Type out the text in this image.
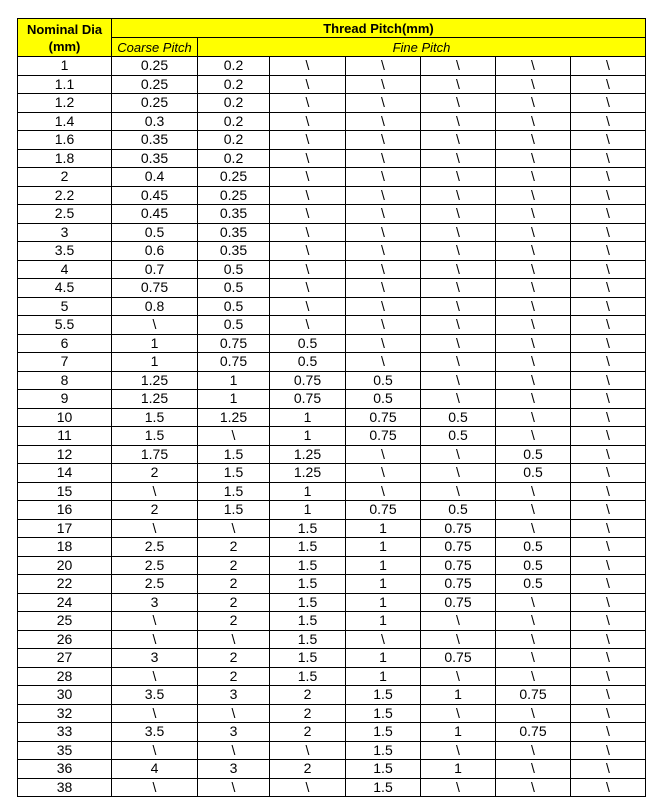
Nominal Dia
(mm)	Thread Pitch(mm)						
	Coarse Pitch	Fine Pitch					
1	0.25	0.2	\	\	\	\	\
1.1	0.25	0.2	\	\	\	\	\
1.2	0.25	0.2	\	\	\	\	\
1.4	0.3	0.2	\	\	\	\	\
1.6	0.35	0.2	\	\	\	\	\
1.8	0.35	0.2	\	\	\	\	\
2	0.4	0.25	\	\	\	\	\
2.2	0.45	0.25	\	\	\	\	\
2.5	0.45	0.35	\	\	\	\	\
3	0.5	0.35	\	\	\	\	\
3.5	0.6	0.35	\	\	\	\	\
4	0.7	0.5	\	\	\	\	\
4.5	0.75	0.5	\	\	\	\	\
5	0.8	0.5	\	\	\	\	\
5.5	\	0.5	\	\	\	\	\
6	1	0.75	0.5	\	\	\	\
7	1	0.75	0.5	\	\	\	\
8	1.25	1	0.75	0.5	\	\	\
9	1.25	1	0.75	0.5	\	\	\
10	1.5	1.25	1	0.75	0.5	\	\
11	1.5	\	1	0.75	0.5	\	\
12	1.75	1.5	1.25	\	\	0.5	\
14	2	1.5	1.25	\	\	0.5	\
15	\	1.5	1	\	\	\	\
16	2	1.5	1	0.75	0.5	\	\
17	\	\	1.5	1	0.75	\	\
18	2.5	2	1.5	1	0.75	0.5	\
20	2.5	2	1.5	1	0.75	0.5	\
22	2.5	2	1.5	1	0.75	0.5	\
24	3	2	1.5	1	0.75	\	\
25	\	2	1.5	1	\	\	\
26	\	\	1.5	\	\	\	\
27	3	2	1.5	1	0.75	\	\
28	\	2	1.5	1	\	\	\
30	3.5	3	2	1.5	1	0.75	\
32	\	\	2	1.5	\	\	\
33	3.5	3	2	1.5	1	0.75	\
35	\	\	\	1.5	\	\	\
36	4	3	2	1.5	1	\	\
38	\	\	\	1.5	\	\	\
